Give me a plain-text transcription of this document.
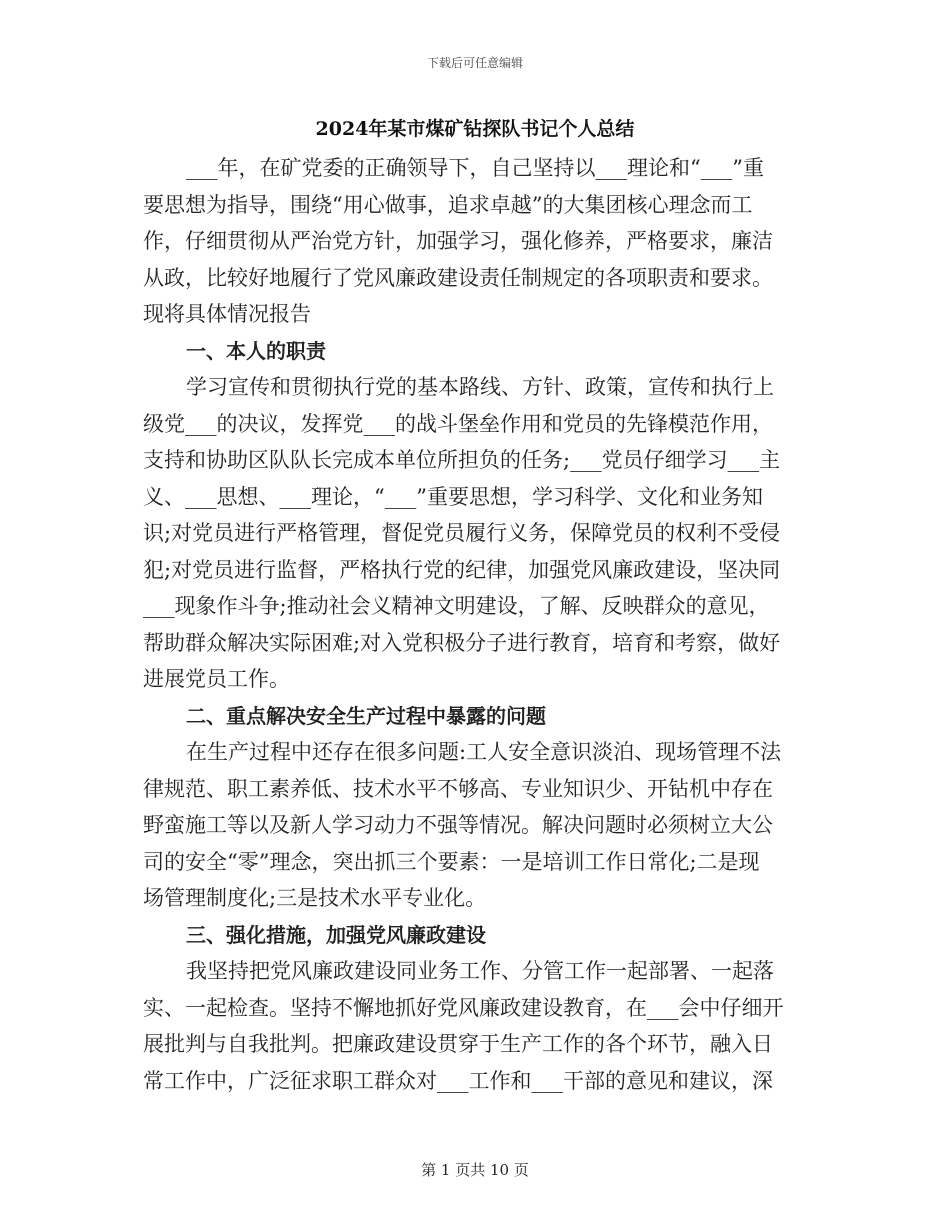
下载后可任意编辑
2024年某市煤矿钻探队书记个人总结
___年，在矿党委的正确领导下，自己坚持以___理论和“___”重
要思想为指导，围绕“用心做事，追求卓越”的大集团核心理念而工
作，仔细贯彻从严治党方针，加强学习，强化修养，严格要求，廉洁
从政，比较好地履行了党风廉政建设责任制规定的各项职责和要求。
现将具体情况报告
一、本人的职责
学习宣传和贯彻执行党的基本路线、方针、政策，宣传和执行上
级党___的决议，发挥党___的战斗堡垒作用和党员的先锋模范作用，
支持和协助区队队长完成本单位所担负的任务;___党员仔细学习___主
义、___思想、___理论，“___”重要思想，学习科学、文化和业务知
识;对党员进行严格管理，督促党员履行义务，保障党员的权利不受侵
犯;对党员进行监督，严格执行党的纪律，加强党风廉政建设，坚决同
___现象作斗争;推动社会义精神文明建设，了解、反映群众的意见，
帮助群众解决实际困难;对入党积极分子进行教育，培育和考察，做好
进展党员工作。
二、重点解决安全生产过程中暴露的问题
在生产过程中还存在很多问题:工人安全意识淡泊、现场管理不法
律规范、职工素养低、技术水平不够高、专业知识少、开钻机中存在
野蛮施工等以及新人学习动力不强等情况。解决问题时必须树立大公
司的安全“零”理念，突出抓三个要素：一是培训工作日常化;二是现
场管理制度化;三是技术水平专业化。
三、强化措施，加强党风廉政建设
我坚持把党风廉政建设同业务工作、分管工作一起部署、一起落
实、一起检查。坚持不懈地抓好党风廉政建设教育，在___会中仔细开
展批判与自我批判。把廉政建设贯穿于生产工作的各个环节，融入日
常工作中，广泛征求职工群众对___工作和___干部的意见和建议，深
第 1 页共 10 页
